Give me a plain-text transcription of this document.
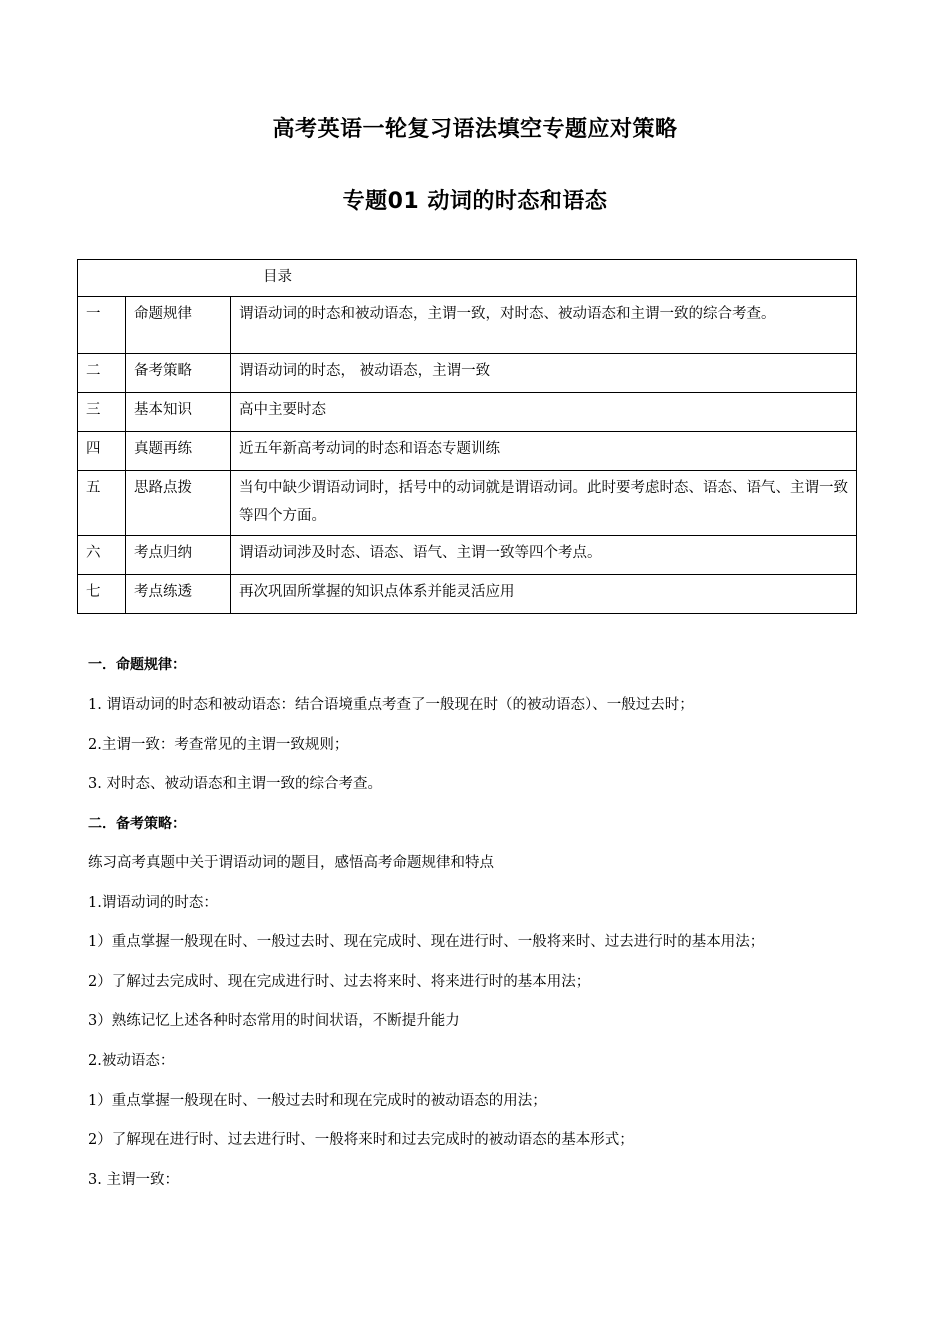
高考英语一轮复习语法填空专题应对策略
专题01 动词的时态和语态
目录		
一	命题规律	谓语动词的时态和被动语态，主谓一致，对时态、被动语态和主谓一致的综合考查。
二	备考策略	谓语动词的时态， 被动语态，主谓一致
三	基本知识	高中主要时态
四	真题再练	近五年新高考动词的时态和语态专题训练
五	思路点拨	当句中缺少谓语动词时，括号中的动词就是谓语动词。此时要考虑时态、语态、语气、主谓一致等四个方面。
六	考点归纳	谓语动词涉及时态、语态、语气、主谓一致等四个考点。
七	考点练透	再次巩固所掌握的知识点体系并能灵活应用
一．命题规律：
1. 谓语动词的时态和被动语态：结合语境重点考查了一般现在时（的被动语态）、一般过去时；
2.主谓一致：考查常见的主谓一致规则；
3. 对时态、被动语态和主谓一致的综合考查。
二．备考策略：
练习高考真题中关于谓语动词的题目，感悟高考命题规律和特点
1.谓语动词的时态：
1）重点掌握一般现在时、一般过去时、现在完成时、现在进行时、一般将来时、过去进行时的基本用法；
2）了解过去完成时、现在完成进行时、过去将来时、将来进行时的基本用法；
3）熟练记忆上述各种时态常用的时间状语，不断提升能力
2.被动语态：
1）重点掌握一般现在时、一般过去时和现在完成时的被动语态的用法；
2）了解现在进行时、过去进行时、一般将来时和过去完成时的被动语态的基本形式；
3. 主谓一致：
